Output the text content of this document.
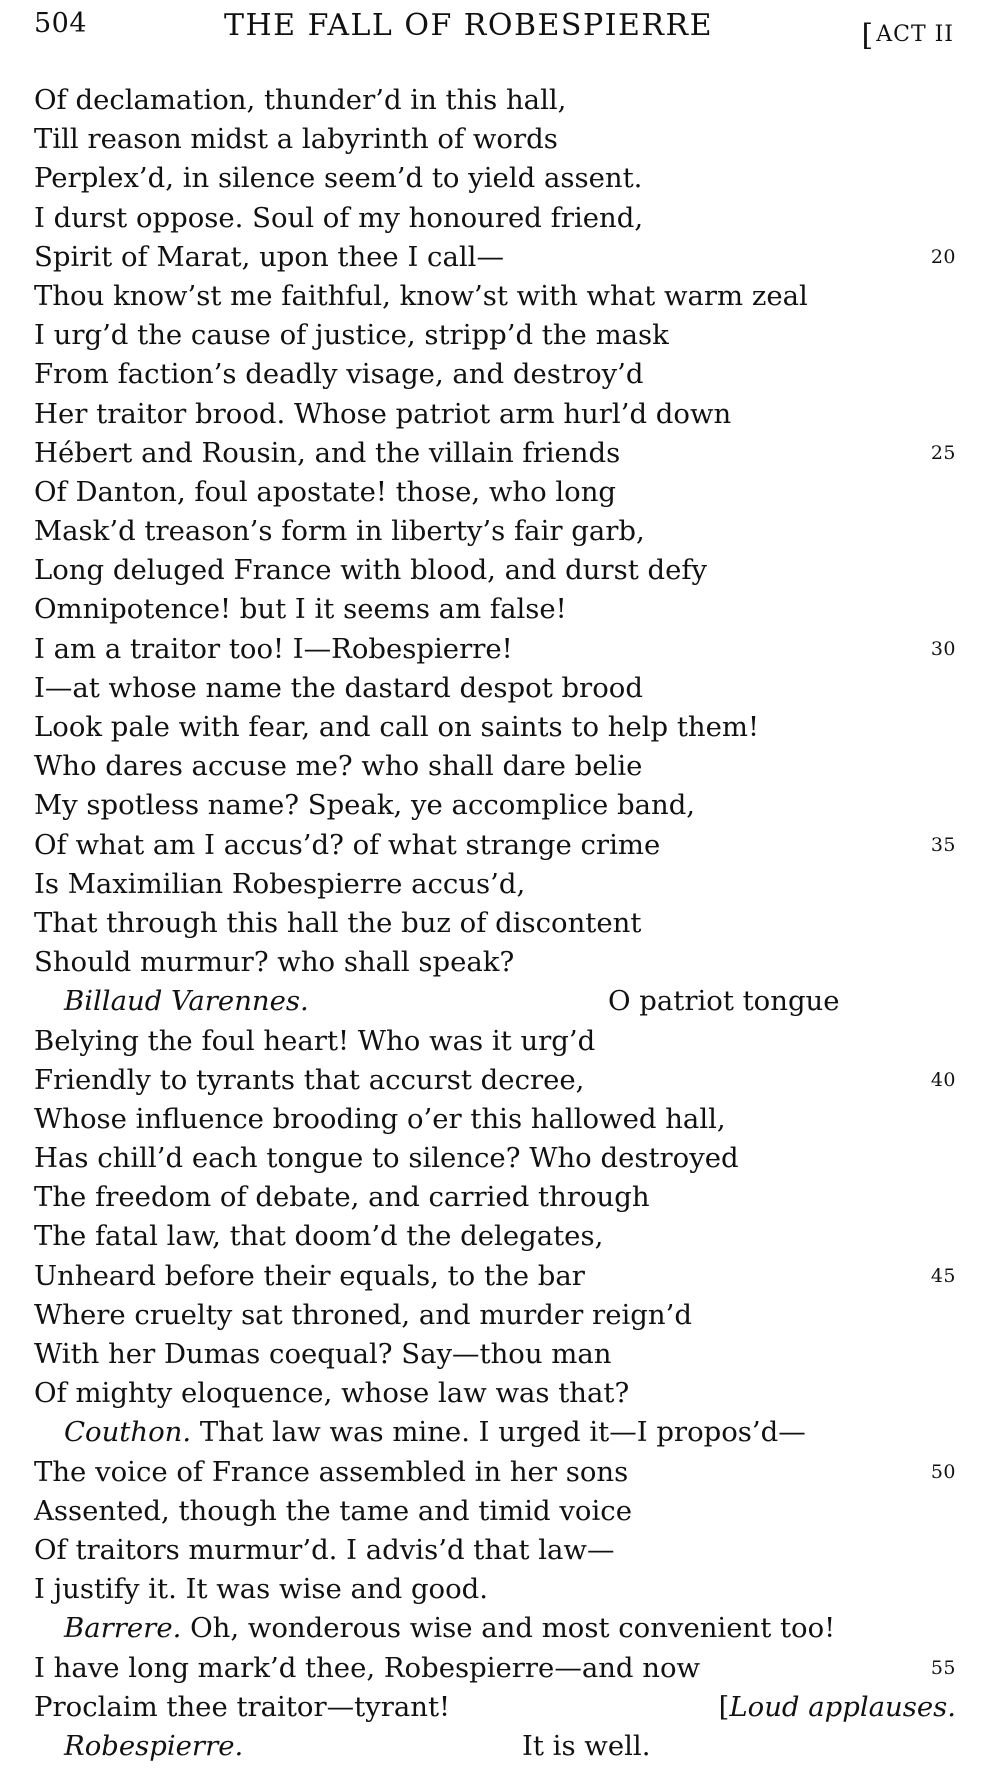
504	THE FALL OF ROBESPIERRE	[ACT II
Of declamation, thunder’d in this hall,
Till reason midst a labyrinth of words
Perplex’d, in silence seem’d to yield assent.
I durst oppose. Soul of my honoured friend,
Spirit of Marat, upon thee I call—	20
Thou know’st me faithful, know’st with what warm zeal
I urg’d the cause of justice, stripp’d the mask
From faction’s deadly visage, and destroy’d
Her traitor brood. Whose patriot arm hurl’d down
Hébert and Rousin, and the villain friends	25
Of Danton, foul apostate! those, who long
Mask’d treason’s form in liberty’s fair garb,
Long deluged France with blood, and durst defy
Omnipotence! but I it seems am false!
I am a traitor too! I—Robespierre!	30
I—at whose name the dastard despot brood
Look pale with fear, and call on saints to help them!
Who dares accuse me? who shall dare belie
My spotless name? Speak, ye accomplice band,
Of what am I accus’d? of what strange crime	35
Is Maximilian Robespierre accus’d,
That through this hall the buz of discontent
Should murmur? who shall speak?
Billaud Varennes.	O patriot tongue
Belying the foul heart! Who was it urg’d
Friendly to tyrants that accurst decree,	40
Whose influence brooding o’er this hallowed hall,
Has chill’d each tongue to silence? Who destroyed
The freedom of debate, and carried through
The fatal law, that doom’d the delegates,
Unheard before their equals, to the bar	45
Where cruelty sat throned, and murder reign’d
With her Dumas coequal? Say—thou man
Of mighty eloquence, whose law was that?
Couthon. That law was mine. I urged it—I propos’d—
The voice of France assembled in her sons	50
Assented, though the tame and timid voice
Of traitors murmur’d. I advis’d that law—
I justify it. It was wise and good.
Barrere. Oh, wonderous wise and most convenient too!
I have long mark’d thee, Robespierre—and now	55
Proclaim thee traitor—tyrant!	[Loud applauses.
Robespierre.	It is well.
